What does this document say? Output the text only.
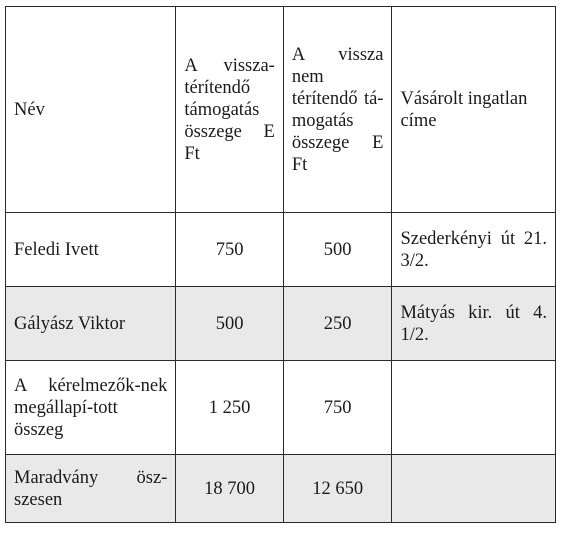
Név	A vissza-térítendő támogatás összege E Ft	A vissza nem térítendő tá-mogatás összege E Ft	Vásárolt ingatlan címe
Feledi Ivett	750	500	Szederkényi út 21. 3/2.
Gályász Viktor	500	250	Mátyás kir. út 4. 1/2.
A kérelmezők-nek megállapí-tott összeg	1 250	750	
Maradvány ösz-szesen	18 700	12 650	
